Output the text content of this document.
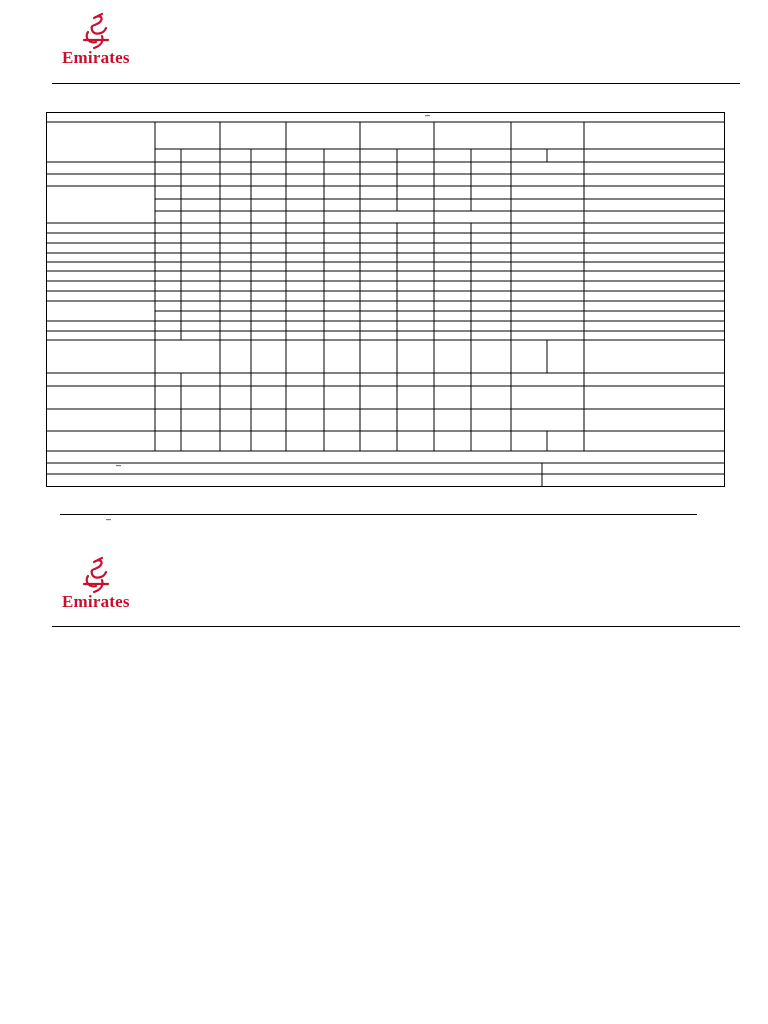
Emirates
–
–
–
Emirates
